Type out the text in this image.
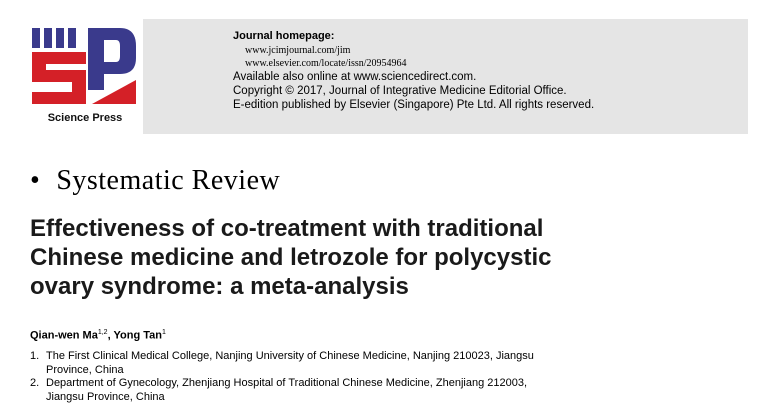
Science Press
Journal homepage:
www.jcimjournal.com/jim
www.elsevier.com/locate/issn/20954964
Available also online at www.sciencedirect.com.
Copyright © 2017, Journal of Integrative Medicine Editorial Office.
E-edition published by Elsevier (Singapore) Pte Ltd. All rights reserved.
• Systematic Review
Effectiveness of co-treatment with traditional
Chinese medicine and letrozole for polycystic
ovary syndrome: a meta-analysis
Qian-wen Ma$^{1,2}$, Yong Tan$^1$
1. The First Clinical Medical College, Nanjing University of Chinese Medicine, Nanjing 210023, Jiangsu
Province, China
2. Department of Gynecology, Zhenjiang Hospital of Traditional Chinese Medicine, Zhenjiang 212003,
Jiangsu Province, China
